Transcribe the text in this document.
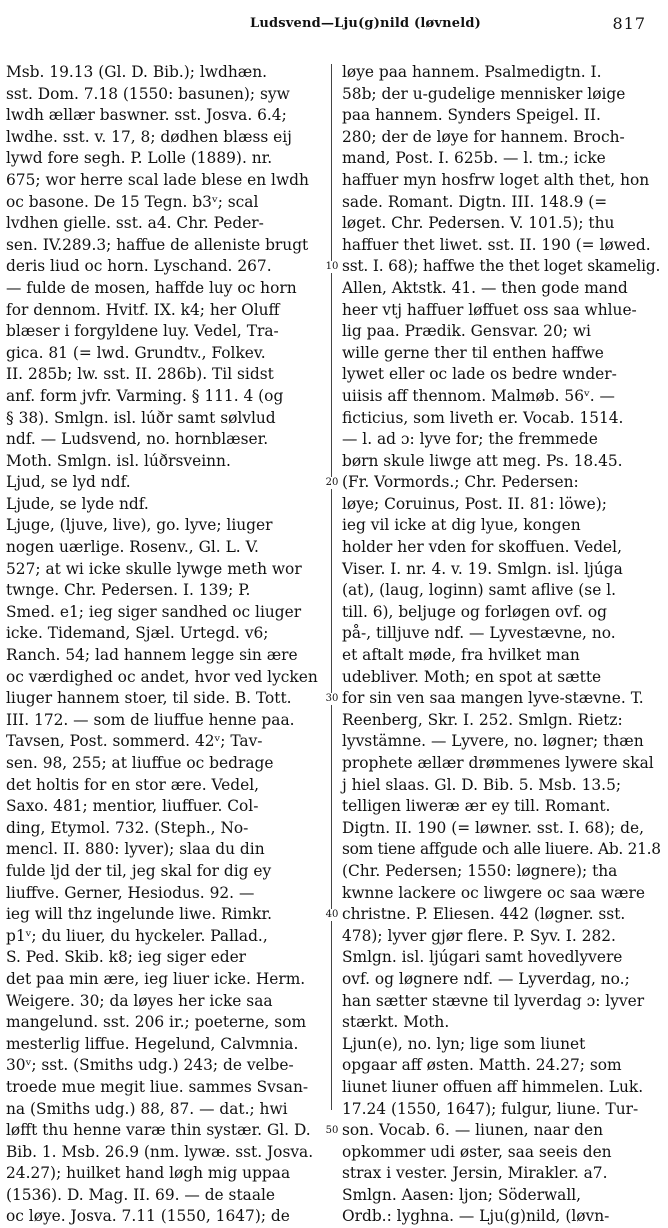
Ludsvend—Lju(g)nild (løvneld)	817
Msb. 19.13 (Gl. D. Bib.); lwdhæn.
sst. Dom. 7.18 (1550: basunen); syw
lwdh ællær baswner. sst. Josva. 6.4;
lwdhe. sst. v. 17, 8; dødhen blæss eij
lywd fore segh. P. Lolle (1889). nr.
675; wor herre scal lade blese en lwdh
oc basone. De 15 Tegn. b3ᵛ; scal
lvdhen gielle. sst. a4. Chr. Peder-
sen. IV.289.3; haffue de alleniste brugt
deris liud oc horn. Lyschand. 267.
— fulde de mosen, haffde luy oc horn
for dennom. Hvitf. IX. k4; her Oluff
blæser i forgyldene luy. Vedel, Tra-
gica. 81 (= lwd. Grundtv., Folkev.
II. 285b; lw. sst. II. 286b). Til sidst
anf. form jvfr. Varming. § 111. 4 (og
§ 38). Smlgn. isl. lúðr samt sølvlud
ndf. — Ludsvend, no. hornblæser.
Moth. Smlgn. isl. lúðrsveinn.
Ljud, se lyd ndf.
Ljude, se lyde ndf.
Ljuge, (ljuve, live), go. lyve; liuger
nogen uærlige. Rosenv., Gl. L. V.
527; at wi icke skulle lywge meth wor
twnge. Chr. Pedersen. I. 139; P.
Smed. e1; ieg siger sandhed oc liuger
icke. Tidemand, Sjæl. Urtegd. v6;
Ranch. 54; lad hannem legge sin ære
oc værdighed oc andet, hvor ved lycken
liuger hannem stoer, til side. B. Tott.
III. 172. — som de liuffue henne paa.
Tavsen, Post. sommerd. 42ᵛ; Tav-
sen. 98, 255; at liuffue oc bedrage
det holtis for en stor ære. Vedel,
Saxo. 481; mentior, liuffuer. Col-
ding, Etymol. 732. (Steph., No-
mencl. II. 880: lyver); slaa du din
fulde ljd der til, jeg skal for dig ey
liuffve. Gerner, Hesiodus. 92. —
ieg will thz ingelunde liwe. Rimkr.
p1ᵛ; du liuer, du hyckeler. Pallad.,
S. Ped. Skib. k8; ieg siger eder
det paa min ære, ieg liuer icke. Herm.
Weigere. 30; da løyes her icke saa
mangelund. sst. 206 ir.; poeterne, som
mesterlig liffue. Hegelund, Calvmnia.
30ᵛ; sst. (Smiths udg.) 243; de velbe-
troede mue megit liue. sammes Svsan-
na (Smiths udg.) 88, 87. — dat.; hwi
løfft thu henne varæ thin systær. Gl. D.
Bib. 1. Msb. 26.9 (nm. lywæ. sst. Josva.
24.27); huilket hand løgh mig uppaa
(1536). D. Mag. II. 69. — de staale
oc løye. Josva. 7.11 (1550, 1647); de
løye paa hannem. Psalmedigtn. I.
58b; der u-gudelige mennisker løige
paa hannem. Synders Speigel. II.
280; der de løye for hannem. Broch-
mand, Post. I. 625b. — l. tm.; icke
haffuer myn hosfrw loget alth thet, hon
sade. Romant. Digtn. III. 148.9 (=
løget. Chr. Pedersen. V. 101.5); thu
haffuer thet liwet. sst. II. 190 (= løwed.
sst. I. 68); haffwe the thet loget skamelig.
Allen, Aktstk. 41. — then gode mand
heer vtj haffuer løffuet oss saa whlue-
lig paa. Prædik. Gensvar. 20; wi
wille gerne ther til enthen haffwe
lywet eller oc lade os bedre wnder-
uiisis aff thennom. Malmøb. 56ᵛ. —
ficticius, som liveth er. Vocab. 1514.
— l. ad ɔ: lyve for; the fremmede
børn skule liwge att meg. Ps. 18.45.
(Fr. Vormords.; Chr. Pedersen:
løye; Coruinus, Post. II. 81: löwe);
ieg vil icke at dig lyue, kongen
holder her vden for skoffuen. Vedel,
Viser. I. nr. 4. v. 19. Smlgn. isl. ljúga
(at), (laug, loginn) samt aflive (se l.
till. 6), beljuge og forløgen ovf. og
på-, tilljuve ndf. — Lyvestævne, no.
et aftalt møde, fra hvilket man
udebliver. Moth; en spot at sætte
for sin ven saa mangen lyve-stævne. T.
Reenberg, Skr. I. 252. Smlgn. Rietz:
lyvstämne. — Lyvere, no. løgner; thæn
prophete ællær drømmenes lywere skal
j hiel slaas. Gl. D. Bib. 5. Msb. 13.5;
telligen liweræ ær ey till. Romant.
Digtn. II. 190 (= løwner. sst. I. 68); de,
som tiene affgude och alle liuere. Ab. 21.8
(Chr. Pedersen; 1550: løgnere); tha
kwnne lackere oc liwgere oc saa wære
christne. P. Eliesen. 442 (løgner. sst.
478); lyver gjør flere. P. Syv. I. 282.
Smlgn. isl. ljúgari samt hovedlyvere
ovf. og løgnere ndf. — Lyverdag, no.;
han sætter stævne til lyverdag ɔ: lyver
stærkt. Moth.
Ljun(e), no. lyn; lige som liunet
opgaar aff østen. Matth. 24.27; som
liunet liuner offuen aff himmelen. Luk.
17.24 (1550, 1647); fulgur, liune. Tur-
son. Vocab. 6. — liunen, naar den
opkommer udi øster, saa seeis den
strax i vester. Jersin, Mirakler. a7.
Smlgn. Aasen: ljon; Söderwall,
Ordb.: lyghna. — Lju(g)nild, (løvn-
10
20
30
40
50
